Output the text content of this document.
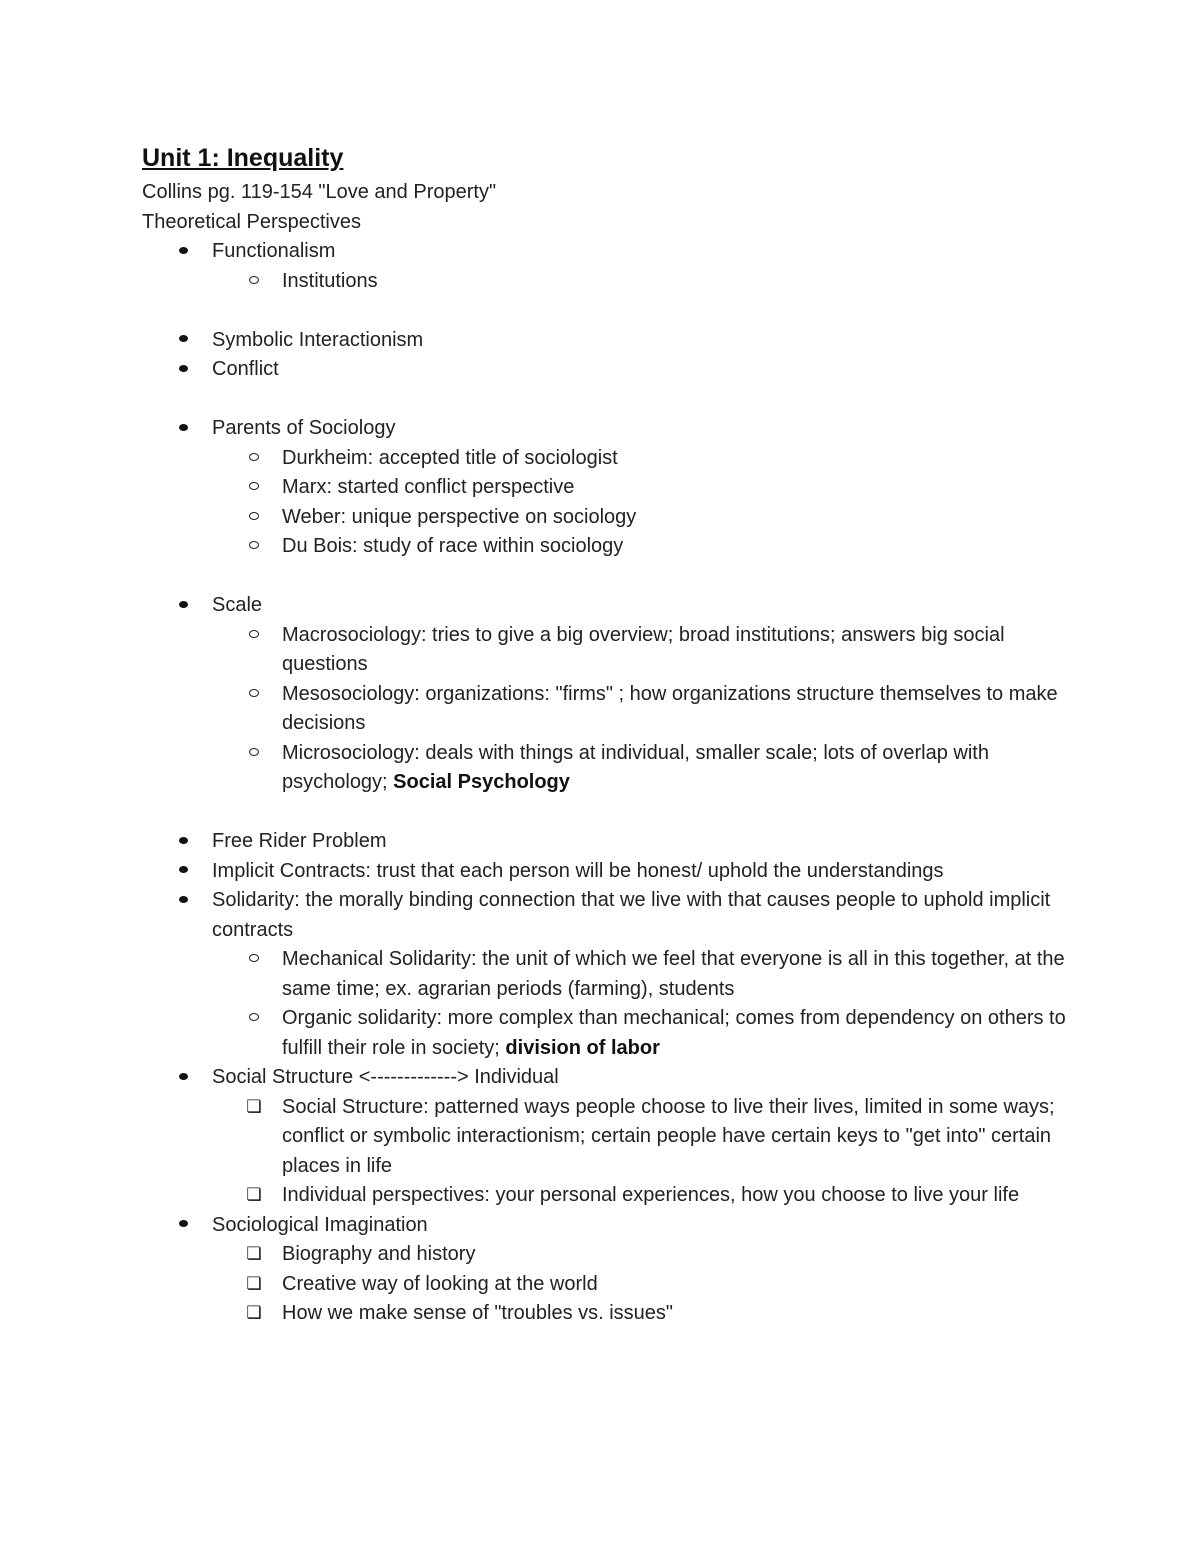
Unit 1: Inequality

Collins pg. 119-154 "Love and Property"

Theoretical Perspectives

Functionalism
Institutions
Symbolic Interactionism
Conflict
Parents of Sociology
Durkheim: accepted title of sociologist
Marx: started conflict perspective
Weber: unique perspective on sociology
Du Bois: study of race within sociology
Scale
Macrosociology: tries to give a big overview; broad institutions; answers big social questions
Mesosociology: organizations: "firms" ; how organizations structure themselves to make decisions
Microsociology: deals with things at individual, smaller scale; lots of overlap with psychology; Social Psychology
Free Rider Problem
Implicit Contracts: trust that each person will be honest/ uphold the understandings
Solidarity: the morally binding connection that we live with that causes people to uphold implicit contracts
Mechanical Solidarity: the unit of which we feel that everyone is all in this together, at the same time; ex. agrarian periods (farming), students
Organic solidarity: more complex than mechanical; comes from dependency on others to fulfill their role in society; division of labor
Social Structure <-------------> Individual
❏ Social Structure: patterned ways people choose to live their lives, limited in some ways; conflict or symbolic interactionism; certain people have certain keys to "get into" certain places in life
❏ Individual perspectives: your personal experiences, how you choose to live your life
Sociological Imagination
❏ Biography and history
❏ Creative way of looking at the world
❏ How we make sense of "troubles vs. issues"
